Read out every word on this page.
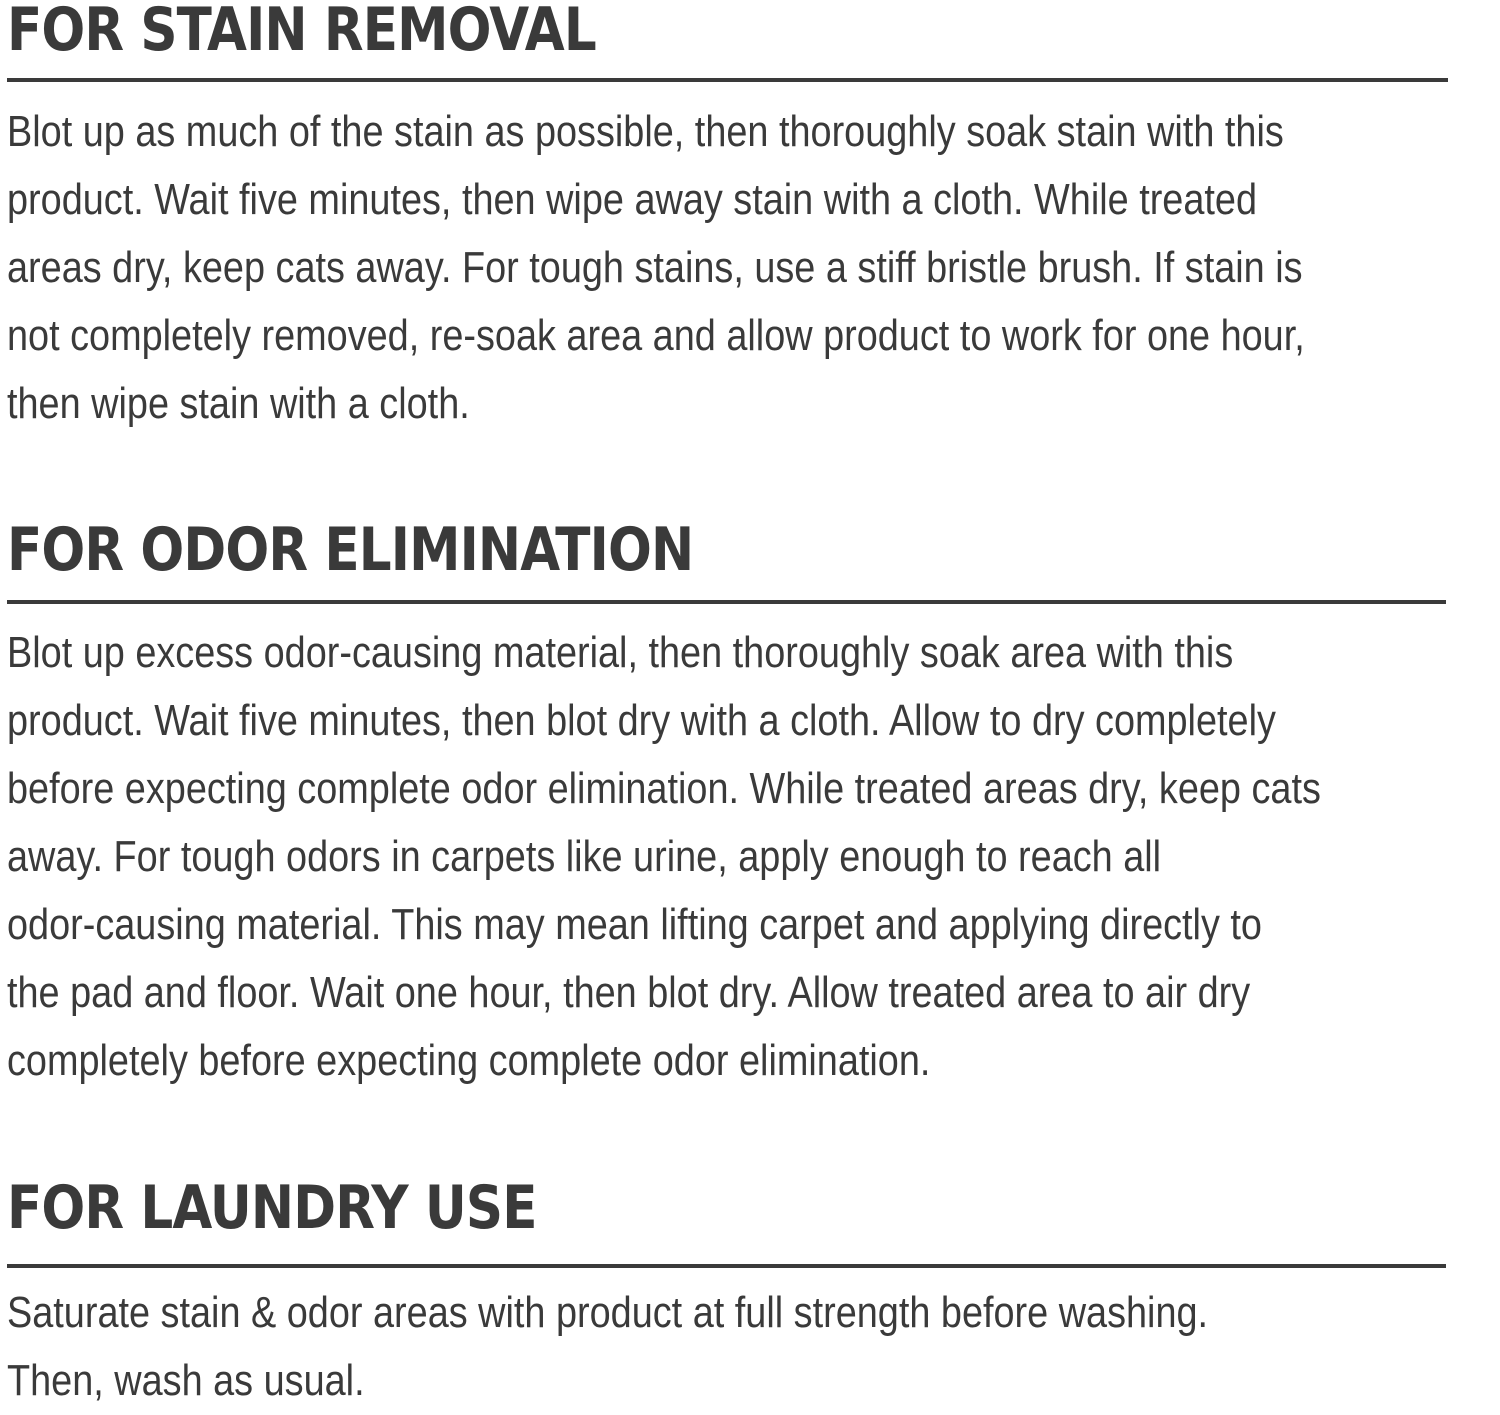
FOR STAIN REMOVAL

Blot up as much of the stain as possible, then thoroughly soak stain with this
product. Wait five minutes, then wipe away stain with a cloth. While treated
areas dry, keep cats away. For tough stains, use a stiff bristle brush. If stain is
not completely removed, re-soak area and allow product to work for one hour,
then wipe stain with a cloth.

FOR ODOR ELIMINATION

Blot up excess odor-causing material, then thoroughly soak area with this
product. Wait five minutes, then blot dry with a cloth. Allow to dry completely
before expecting complete odor elimination. While treated areas dry, keep cats
away. For tough odors in carpets like urine, apply enough to reach all
odor-causing material. This may mean lifting carpet and applying directly to
the pad and floor. Wait one hour, then blot dry. Allow treated area to air dry
completely before expecting complete odor elimination.

FOR LAUNDRY USE

Saturate stain & odor areas with product at full strength before washing.
Then, wash as usual.
